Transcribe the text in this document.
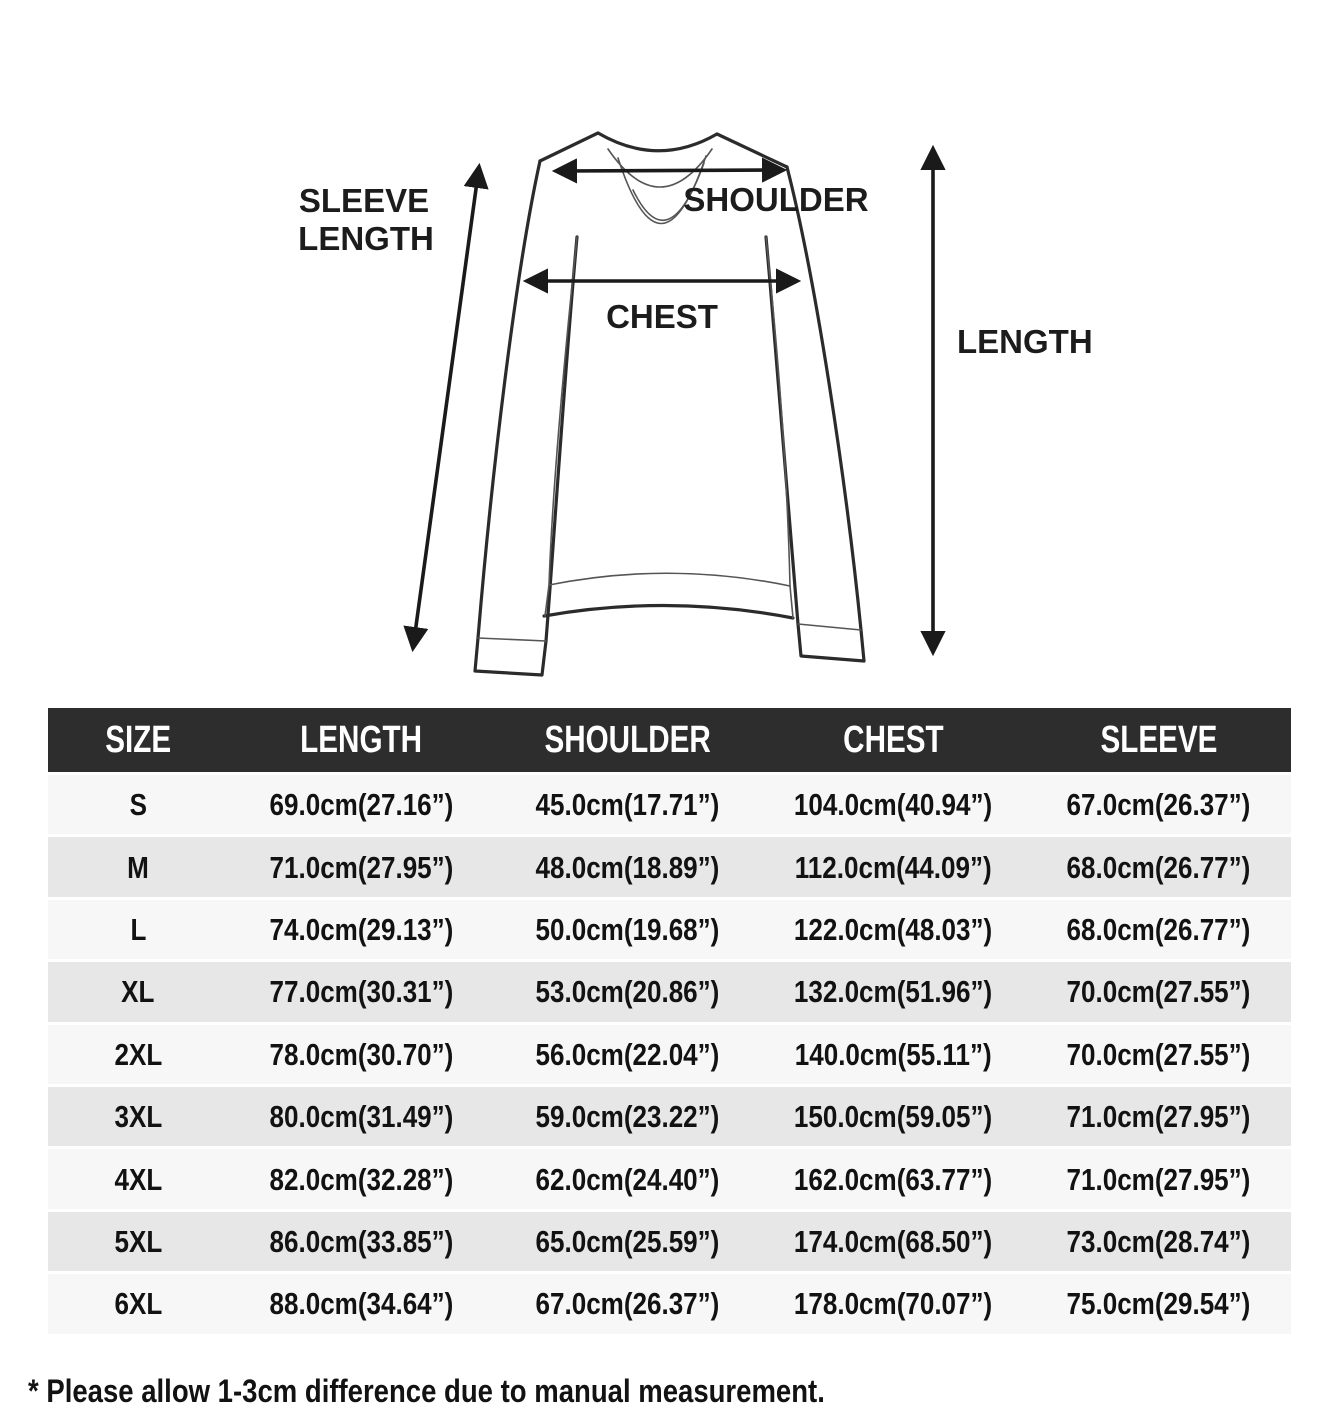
SLEEVE
LENGTH
SHOULDER
CHEST
LENGTH
SIZE	LENGTH	SHOULDER	CHEST	SLEEVE
S	69.0cm(27.16”)	45.0cm(17.71”)	104.0cm(40.94”)	67.0cm(26.37”)
M	71.0cm(27.95”)	48.0cm(18.89”)	112.0cm(44.09”)	68.0cm(26.77”)
L	74.0cm(29.13”)	50.0cm(19.68”)	122.0cm(48.03”)	68.0cm(26.77”)
XL	77.0cm(30.31”)	53.0cm(20.86”)	132.0cm(51.96”)	70.0cm(27.55”)
2XL	78.0cm(30.70”)	56.0cm(22.04”)	140.0cm(55.11”)	70.0cm(27.55”)
3XL	80.0cm(31.49”)	59.0cm(23.22”)	150.0cm(59.05”)	71.0cm(27.95”)
4XL	82.0cm(32.28”)	62.0cm(24.40”)	162.0cm(63.77”)	71.0cm(27.95”)
5XL	86.0cm(33.85”)	65.0cm(25.59”)	174.0cm(68.50”)	73.0cm(28.74”)
6XL	88.0cm(34.64”)	67.0cm(26.37”)	178.0cm(70.07”)	75.0cm(29.54”)
* Please allow 1-3cm difference due to manual measurement.
